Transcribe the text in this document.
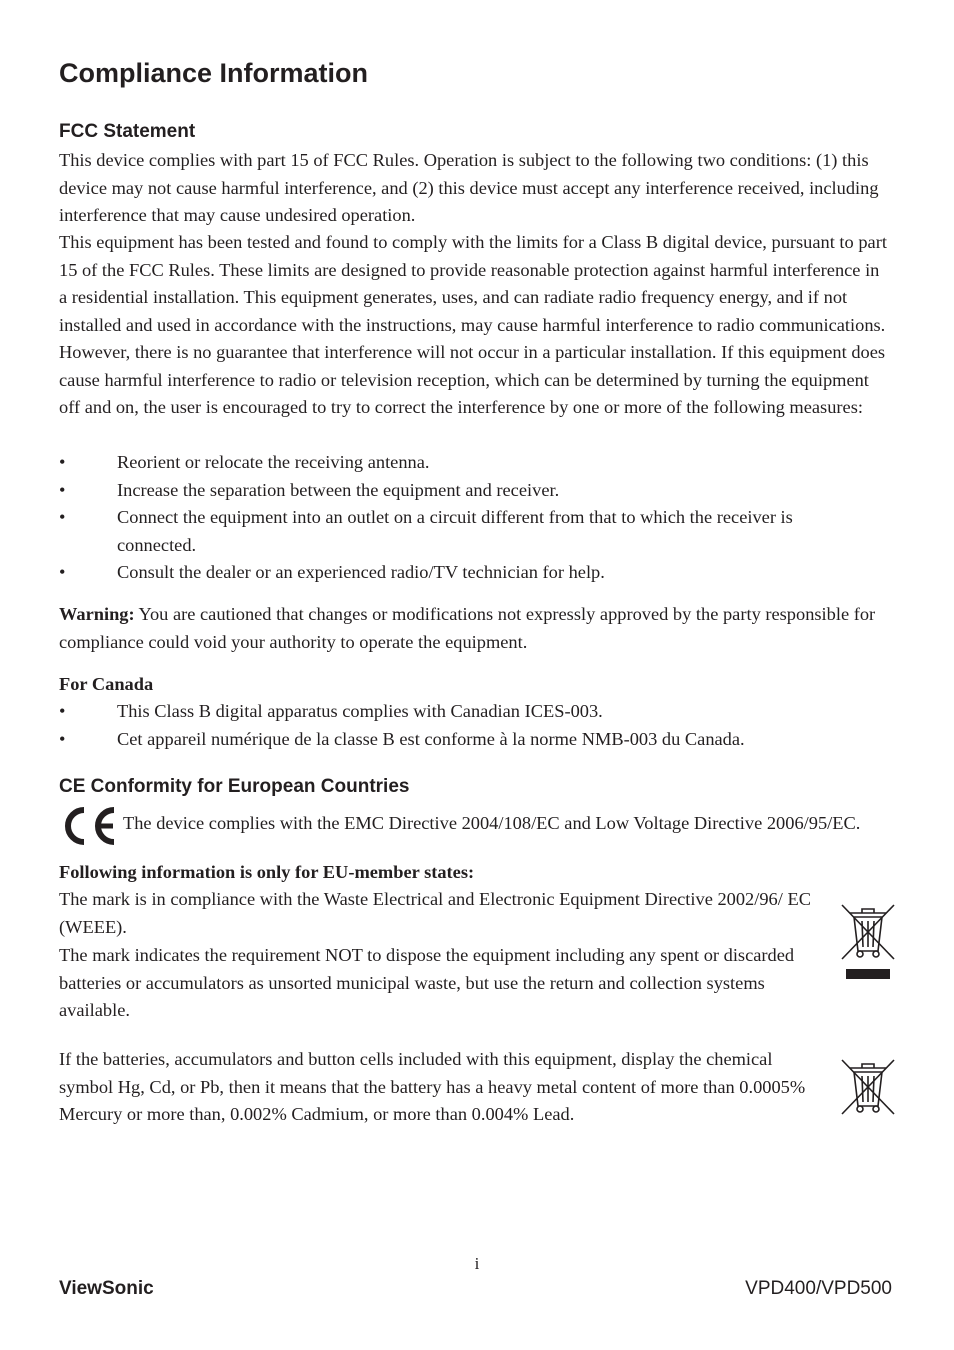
Compliance Information
FCC Statement

This device complies with part 15 of FCC Rules. Operation is subject to the following two conditions: (1) this device may not cause harmful interference, and (2) this device must accept any interference received, including interference that may cause undesired operation.

This equipment has been tested and found to comply with the limits for a Class B digital device, pursuant to part 15 of the FCC Rules. These limits are designed to provide reasonable protection against harmful interference in a residential installation. This equipment generates, uses, and can radiate radio frequency energy, and if not installed and used in accordance with the instructions, may cause harmful interference to radio communications. However, there is no guarantee that interference will not occur in a particular installation. If this equipment does cause harmful interference to radio or television reception, which can be determined by turning the equipment off and on, the user is encouraged to try to correct the interference by one or more of the following measures:

•	Reorient or relocate the receiving antenna.
•	Increase the separation between the equipment and receiver.
•	Connect the equipment into an outlet on a circuit different from that to which the receiver is connected.
•	Consult the dealer or an experienced radio/TV technician for help.

Warning: You are cautioned that changes or modifications not expressly approved by the party responsible for compliance could void your authority to operate the equipment.

For Canada

•	This Class B digital apparatus complies with Canadian ICES-003.
•	Cet appareil numérique de la classe B est conforme à la norme NMB-003 du Canada.
CE Conformity for European Countries

The device complies with the EMC Directive 2004/108/EC and Low Voltage Directive 2006/95/EC.

Following information is only for EU-member states:

The mark is in compliance with the Waste Electrical and Electronic Equipment Directive 2002/96/ EC (WEEE).

The mark indicates the requirement NOT to dispose the equipment including any spent or discarded batteries or accumulators as unsorted municipal waste, but use the return and collection systems available.

If the batteries, accumulators and button cells included with this equipment, display the chemical symbol Hg, Cd, or Pb, then it means that the battery has a heavy metal content of more than 0.0005% Mercury or more than, 0.002% Cadmium, or more than 0.004% Lead.

i
ViewSonic	VPD400/VPD500
